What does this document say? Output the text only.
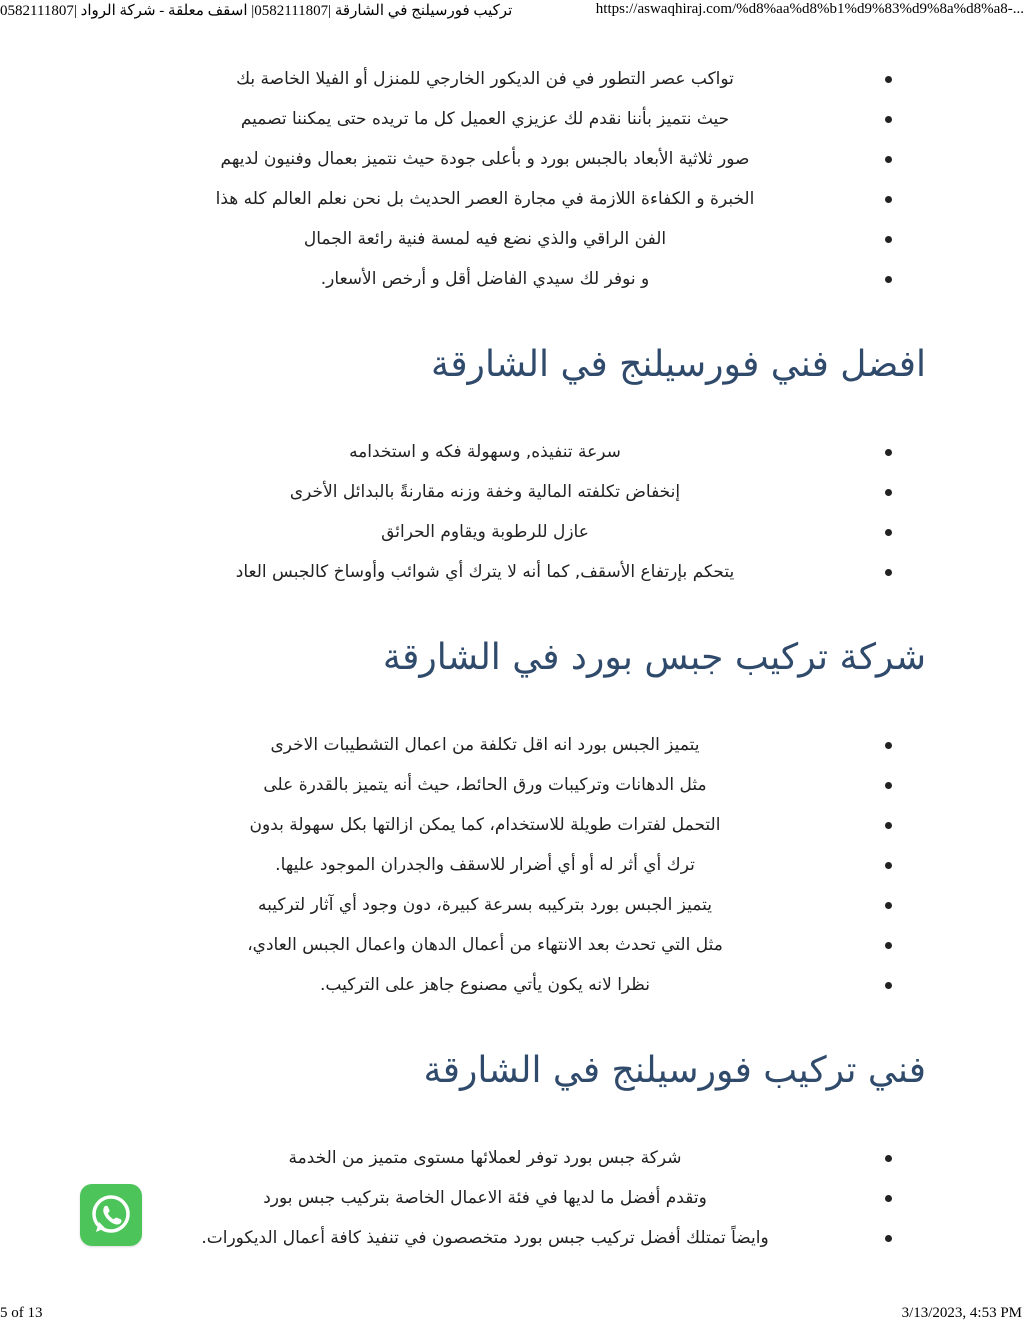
تركيب فورسيلنج في الشارقة |0582111807| اسقف معلقة - شركة الرواد |0582111807	https://aswaqhiraj.com/%d8%aa%d8%b1%d9%83%d9%8a%d8%a8-...
تواكب عصر التطور في فن الديكور الخارجي للمنزل أو الفيلا الخاصة بك
حيث نتميز بأننا نقدم لك عزيزي العميل كل ما تريده حتى يمكننا تصميم
صور ثلاثية الأبعاد بالجبس بورد و بأعلى جودة حيث نتميز بعمال وفنيون لديهم
الخبرة و الكفاءة اللازمة في مجارة العصر الحديث بل نحن نعلم العالم كله هذا
الفن الراقي والذي نضع فيه لمسة فنية رائعة الجمال
و نوفر لك سيدي الفاضل أقل و أرخص الأسعار.
افضل فني فورسيلنج في الشارقة
سرعة تنفيذه, وسهولة فكه و استخدامه
إنخفاض تكلفته المالية وخفة وزنه مقارنةً بالبدائل الأخرى
عازل للرطوبة ويقاوم الحرائق
يتحكم بإرتفاع الأسقف, كما أنه لا يترك أي شوائب وأوساخ كالجبس العاد
شركة تركيب جبس بورد في الشارقة
يتميز الجبس بورد انه اقل تكلفة من اعمال التشطيبات الاخرى
مثل الدهانات وتركيبات ورق الحائط، حيث أنه يتميز بالقدرة على
التحمل لفترات طويلة للاستخدام، كما يمكن ازالتها بكل سهولة بدون
ترك أي أثر له أو أي أضرار للاسقف والجدران الموجود عليها.
يتميز الجبس بورد بتركيبه بسرعة كبيرة، دون وجود أي آثار لتركيبه
مثل التي تحدث بعد الانتهاء من أعمال الدهان واعمال الجبس العادي،
نظرا لانه يكون يأتي مصنوع جاهز على التركيب.
فني تركيب فورسيلنج في الشارقة
شركة جبس بورد توفر لعملائها مستوى متميز من الخدمة
وتقدم أفضل ما لديها في فئة الاعمال الخاصة بتركيب جبس بورد
وايضاً تمتلك أفضل تركيب جبس بورد متخصصون في تنفيذ كافة أعمال الديكورات.
5 of 13	3/13/2023, 4:53 PM
